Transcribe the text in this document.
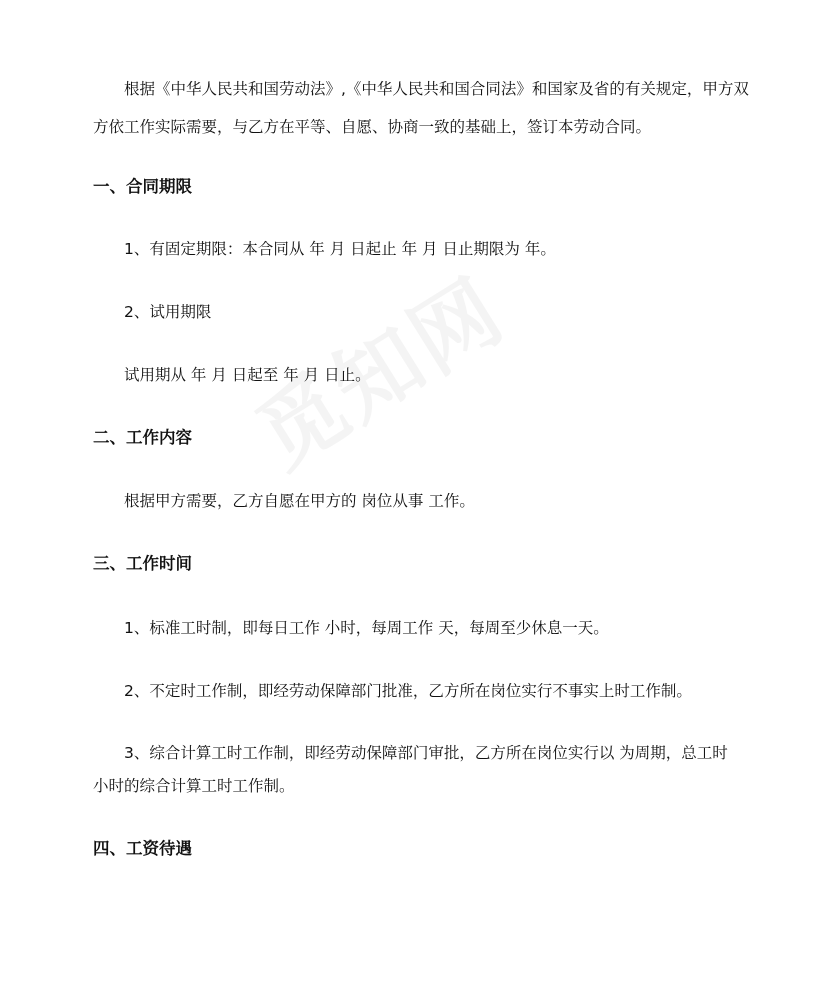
根据《中华人民共和国劳动法》,《中华人民共和国合同法》和国家及省的有关规定，甲方双
方依工作实际需要，与乙方在平等、自愿、协商一致的基础上，签订本劳动合同。
一、合同期限
1、有固定期限：本合同从 年 月 日起止 年 月 日止期限为 年。
2、试用期限
试用期从 年 月 日起至 年 月 日止。
二、工作内容
根据甲方需要，乙方自愿在甲方的 岗位从事 工作。
三、工作时间
1、标准工时制，即每日工作 小时，每周工作 天，每周至少休息一天。
2、不定时工作制，即经劳动保障部门批准，乙方所在岗位实行不事实上时工作制。
3、综合计算工时工作制，即经劳动保障部门审批，乙方所在岗位实行以 为周期，总工时
小时的综合计算工时工作制。
四、工资待遇
